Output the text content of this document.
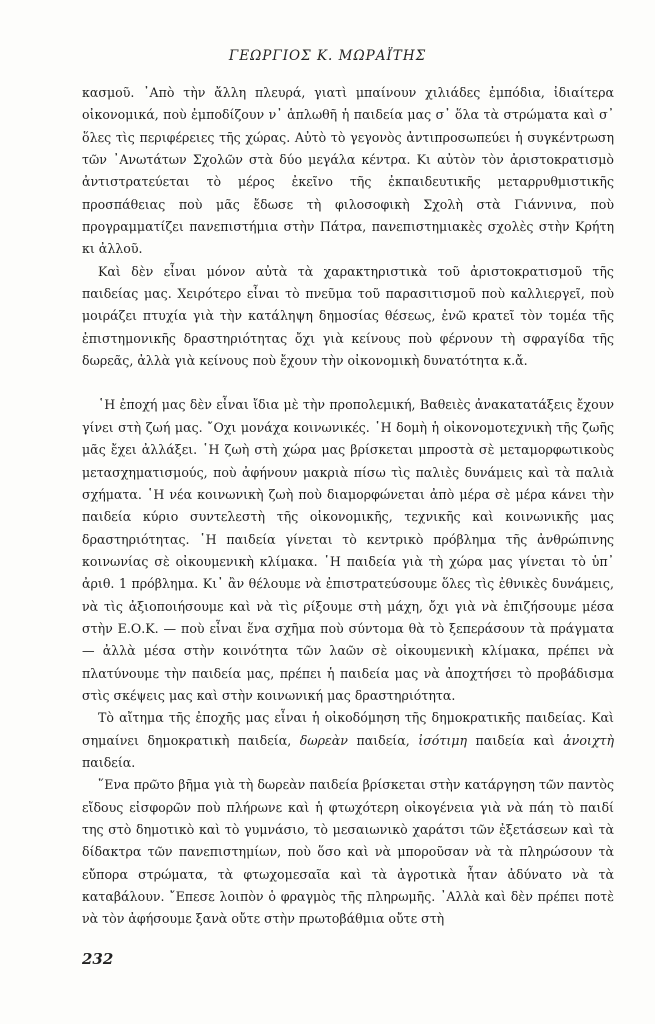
ΓΕΩΡΓΙΟΣ Κ. ΜΩΡΑΪΤΗΣ

κασμοῦ. ᾽Απὸ τὴν ἄλλη πλευρά, γιατὶ μπαίνουν χιλιάδες ἐμπόδια, ἰδιαίτερα οἰκονομικά, ποὺ ἐμποδίζουν ν᾽ ἁπλωθῆ ἡ παιδεία μας σ᾽ ὅλα τὰ στρώματα καὶ σ᾽ ὅλες τὶς περιφέρειες τῆς χώρας. Αὐτὸ τὸ γεγονὸς ἀντιπροσωπεύει ἡ συγκέντρωση τῶν ᾽Ανωτάτων Σχολῶν στὰ δύο μεγάλα κέντρα. Κι αὐτὸν τὸν ἀριστοκρατισμὸ ἀντιστρατεύεται τὸ μέρος ἐκεῖνο τῆς ἐκπαιδευτικῆς μεταρρυθμιστικῆς προσπάθειας ποὺ μᾶς ἔδωσε τὴ φιλοσοφικὴ Σχολὴ στὰ Γιάννινα, ποὺ προγραμματίζει πανεπιστήμια στὴν Πάτρα, πανεπιστημιακὲς σχολὲς στὴν Κρήτη κι ἀλλοῦ.

Καὶ δὲν εἶναι μόνον αὐτὰ τὰ χαρακτηριστικὰ τοῦ ἀριστοκρατισμοῦ τῆς παιδείας μας. Χειρότερο εἶναι τὸ πνεῦμα τοῦ παρασιτισμοῦ ποὺ καλλιεργεῖ, ποὺ μοιράζει πτυχία γιὰ τὴν κατάληψη δημοσίας θέσεως, ἐνῶ κρατεῖ τὸν τομέα τῆς ἐπιστημονικῆς δραστηριότητας ὄχι γιὰ κείνους ποὺ φέρνουν τὴ σφραγίδα τῆς δωρεᾶς, ἀλλὰ γιὰ κείνους ποὺ ἔχουν τὴν οἰκονομικὴ δυνατότητα κ.ἄ.

῾Η ἐποχή μας δὲν εἶναι ἴδια μὲ τὴν προπολεμική, Βαθειὲς ἀνακατατάξεις ἔχουν γίνει στὴ ζωή μας. ῎Οχι μονάχα κοινωνικές. ῾Η δομὴ ἡ οἰκονομοτεχνικὴ τῆς ζωῆς μᾶς ἔχει ἀλλάξει. ῾Η ζωὴ στὴ χώρα μας βρίσκεται μπροστὰ σὲ μεταμορφωτικοὺς μετασχηματισμούς, ποὺ ἀφήνουν μακριὰ πίσω τὶς παλιὲς δυνάμεις καὶ τὰ παλιὰ σχήματα. ῾Η νέα κοινωνικὴ ζωὴ ποὺ διαμορφώνεται ἀπὸ μέρα σὲ μέρα κάνει τὴν παιδεία κύριο συντελεστὴ τῆς οἰκονομικῆς, τεχνικῆς καὶ κοινωνικῆς μας δραστηριότητας. ῾Η παιδεία γίνεται τὸ κεντρικὸ πρόβλημα τῆς ἀνθρώπινης κοινωνίας σὲ οἰκουμενικὴ κλίμακα. ῾Η παιδεία γιὰ τὴ χώρα μας γίνεται τὸ ὑπ᾽ ἀριθ. 1 πρόβλημα. Κι᾽ ἂν θέλουμε νὰ ἐπιστρατεύσουμε ὅλες τὶς ἐθνικὲς δυνάμεις, νὰ τὶς ἀξιοποιήσουμε καὶ νὰ τὶς ρίξουμε στὴ μάχη, ὄχι γιὰ νὰ ἐπιζήσουμε μέσα στὴν Ε.Ο.Κ. — ποὺ εἶναι ἕνα σχῆμα ποὺ σύντομα θὰ τὸ ξεπεράσουν τὰ πράγματα — ἀλλὰ μέσα στὴν κοινότητα τῶν λαῶν σὲ οἰκουμενικὴ κλίμακα, πρέπει νὰ πλατύνουμε τὴν παιδεία μας, πρέπει ἡ παιδεία μας νὰ ἀποχτήσει τὸ προβάδισμα στὶς σκέψεις μας καὶ στὴν κοινωνική μας δραστηριότητα.

Τὸ αἴτημα τῆς ἐποχῆς μας εἶναι ἡ οἰκοδόμηση τῆς δημοκρατικῆς παιδείας. Καὶ σημαίνει δημοκρατικὴ παιδεία, δωρεὰν παιδεία, ἰσότιμη παιδεία καὶ ἀνοιχτὴ παιδεία.

῞Ενα πρῶτο βῆμα γιὰ τὴ δωρεὰν παιδεία βρίσκεται στὴν κατάργηση τῶν παντὸς εἴδους εἰσφορῶν ποὺ πλήρωνε καὶ ἡ φτωχότερη οἰκογένεια γιὰ νὰ πάη τὸ παιδί της στὸ δημοτικὸ καὶ τὸ γυμνάσιο, τὸ μεσαιωνικὸ χαράτσι τῶν ἐξετάσεων καὶ τὰ δίδακτρα τῶν πανεπιστημίων, ποὺ ὅσο καὶ νὰ μποροῦσαν νὰ τὰ πληρώσουν τὰ εὔπορα στρώματα, τὰ φτωχομεσαῖα καὶ τὰ ἀγροτικὰ ἦταν ἀδύνατο νὰ τὰ καταβάλουν. ῎Επεσε λοιπὸν ὁ φραγμὸς τῆς πληρωμῆς. ᾽Αλλὰ καὶ δὲν πρέπει ποτὲ νὰ τὸν ἀφήσουμε ξανὰ οὔτε στὴν πρωτοβάθμια οὔτε στὴ

232
